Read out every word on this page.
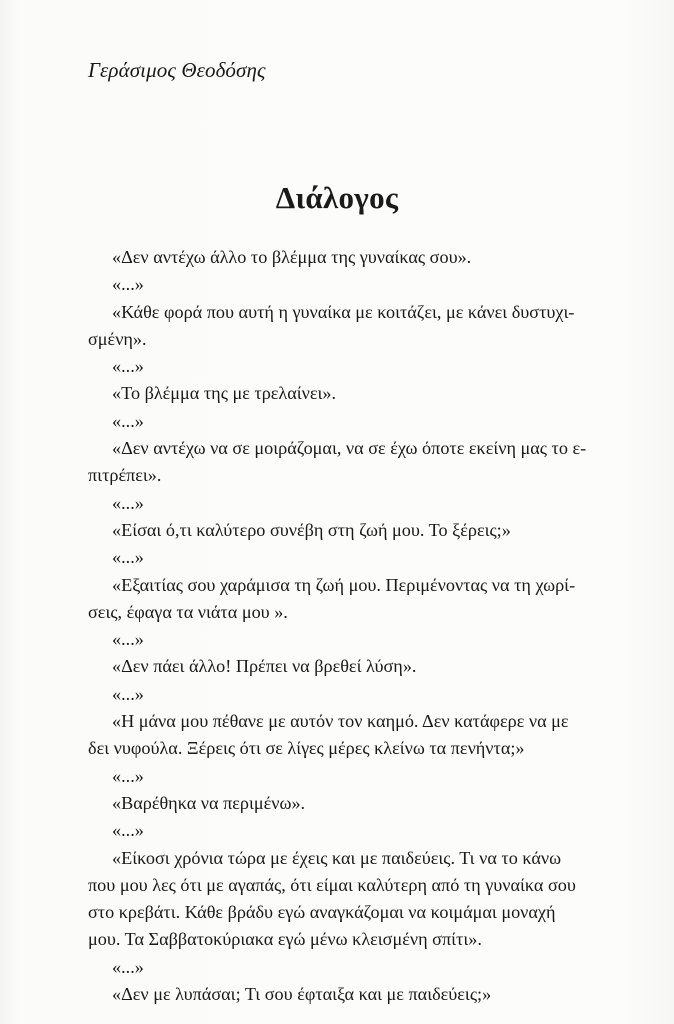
Γεράσιμος Θεοδόσης
Διάλογος
«Δεν αντέχω άλλο το βλέμμα της γυναίκας σου».
«...»
«Κάθε φορά που αυτή η γυναίκα με κοιτάζει, με κάνει δυστυχι-
σμένη».
«...»
«Το βλέμμα της με τρελαίνει».
«...»
«Δεν αντέχω να σε μοιράζομαι, να σε έχω όποτε εκείνη μας το ε-
πιτρέπει».
«...»
«Είσαι ό,τι καλύτερο συνέβη στη ζωή μου. Το ξέρεις;»
«...»
«Εξαιτίας σου χαράμισα τη ζωή μου. Περιμένοντας να τη χωρί-
σεις, έφαγα τα νιάτα μου ».
«...»
«Δεν πάει άλλο! Πρέπει να βρεθεί λύση».
«...»
«Η μάνα μου πέθανε με αυτόν τον καημό. Δεν κατάφερε να με
δει νυφούλα. Ξέρεις ότι σε λίγες μέρες κλείνω τα πενήντα;»
«...»
«Βαρέθηκα να περιμένω».
«...»
«Είκοσι χρόνια τώρα με έχεις και με παιδεύεις. Τι να το κάνω
που μου λες ότι με αγαπάς, ότι είμαι καλύτερη από τη γυναίκα σου
στο κρεβάτι. Κάθε βράδυ εγώ αναγκάζομαι να κοιμάμαι μοναχή
μου. Τα Σαββατοκύριακα εγώ μένω κλεισμένη σπίτι».
«...»
«Δεν με λυπάσαι; Τι σου έφταιξα και με παιδεύεις;»
